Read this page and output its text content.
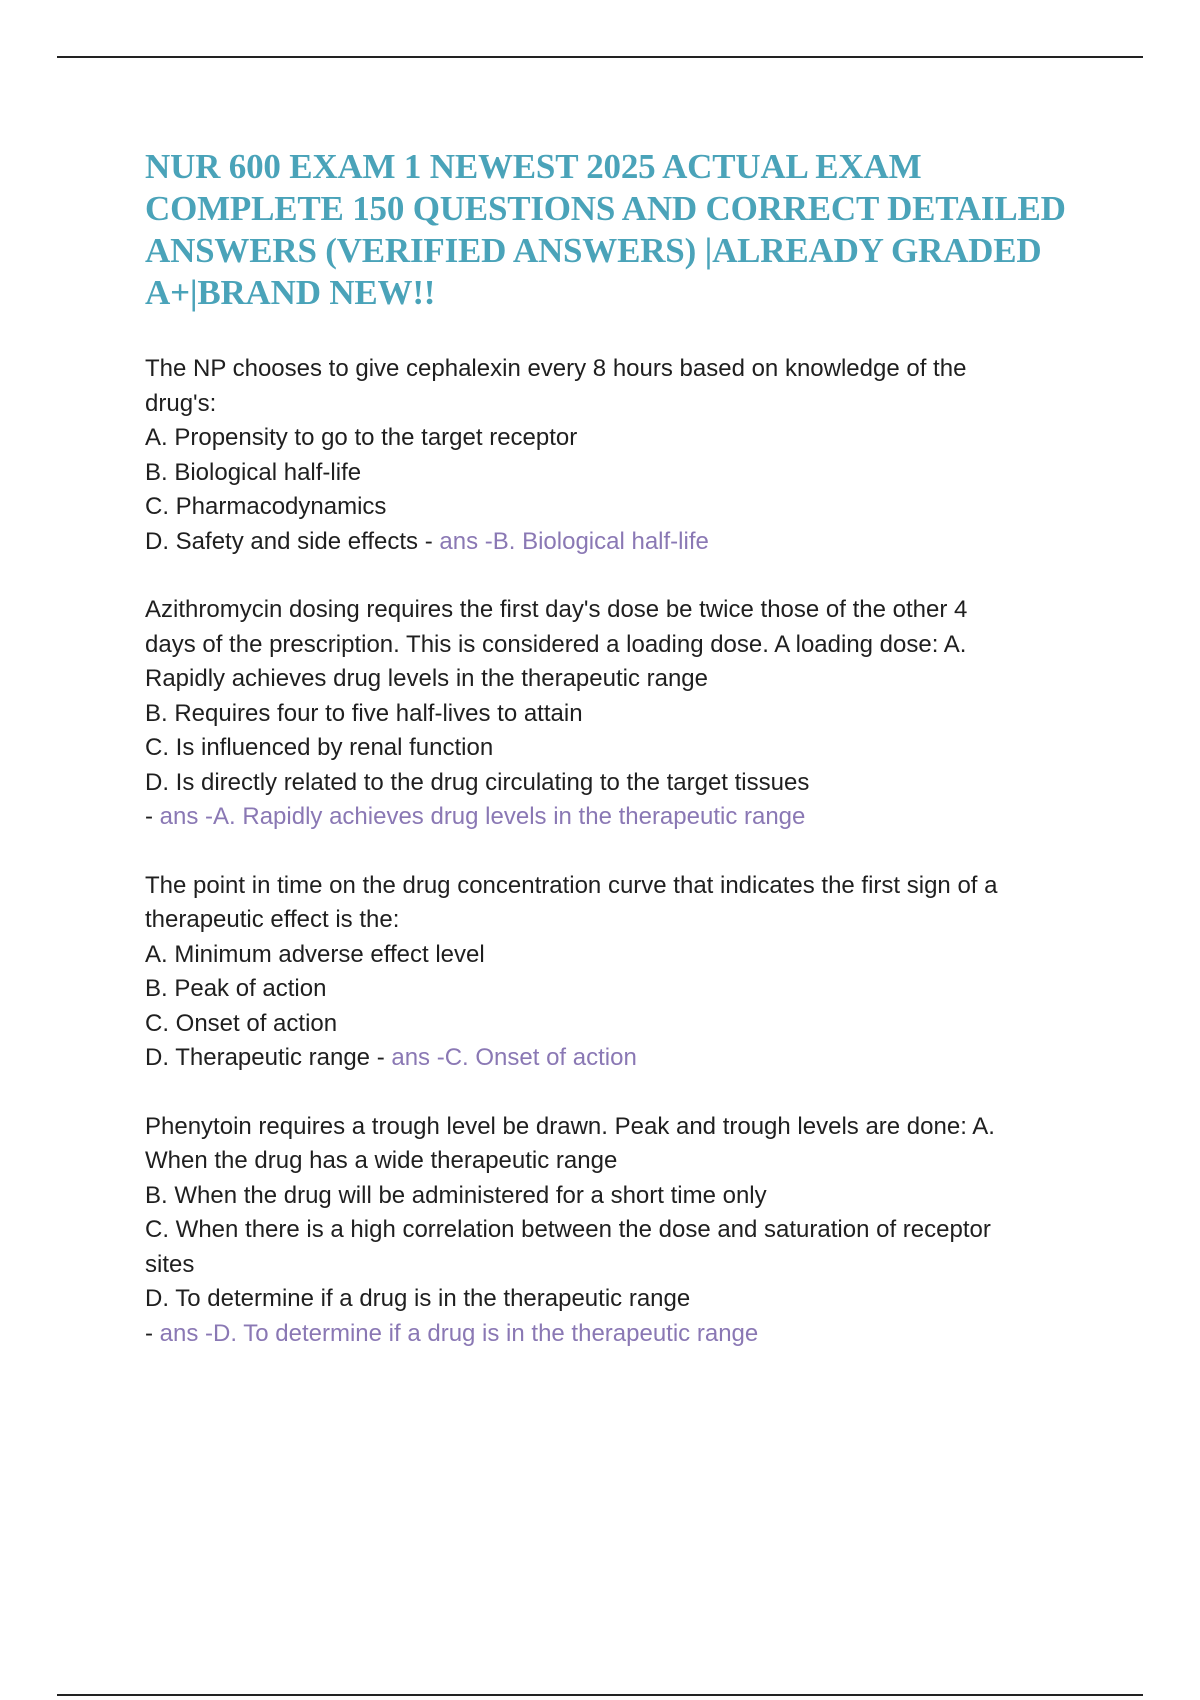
NUR 600 EXAM 1 NEWEST 2025 ACTUAL EXAM COMPLETE 150 QUESTIONS AND CORRECT DETAILED ANSWERS (VERIFIED ANSWERS) |ALREADY GRADED A+|BRAND NEW!!
The NP chooses to give cephalexin every 8 hours based on knowledge of the
drug's:
A. Propensity to go to the target receptor
B. Biological half-life
C. Pharmacodynamics
D. Safety and side effects - ans -B. Biological half-life
Azithromycin dosing requires the first day's dose be twice those of the other 4
days of the prescription. This is considered a loading dose. A loading dose: A.
Rapidly achieves drug levels in the therapeutic range
B. Requires four to five half-lives to attain
C. Is influenced by renal function
D. Is directly related to the drug circulating to the target tissues
- ans -A. Rapidly achieves drug levels in the therapeutic range
The point in time on the drug concentration curve that indicates the first sign of a
therapeutic effect is the:
A. Minimum adverse effect level
B. Peak of action
C. Onset of action
D. Therapeutic range - ans -C. Onset of action
Phenytoin requires a trough level be drawn. Peak and trough levels are done: A.
When the drug has a wide therapeutic range
B. When the drug will be administered for a short time only
C. When there is a high correlation between the dose and saturation of receptor
sites
D. To determine if a drug is in the therapeutic range
- ans -D. To determine if a drug is in the therapeutic range
